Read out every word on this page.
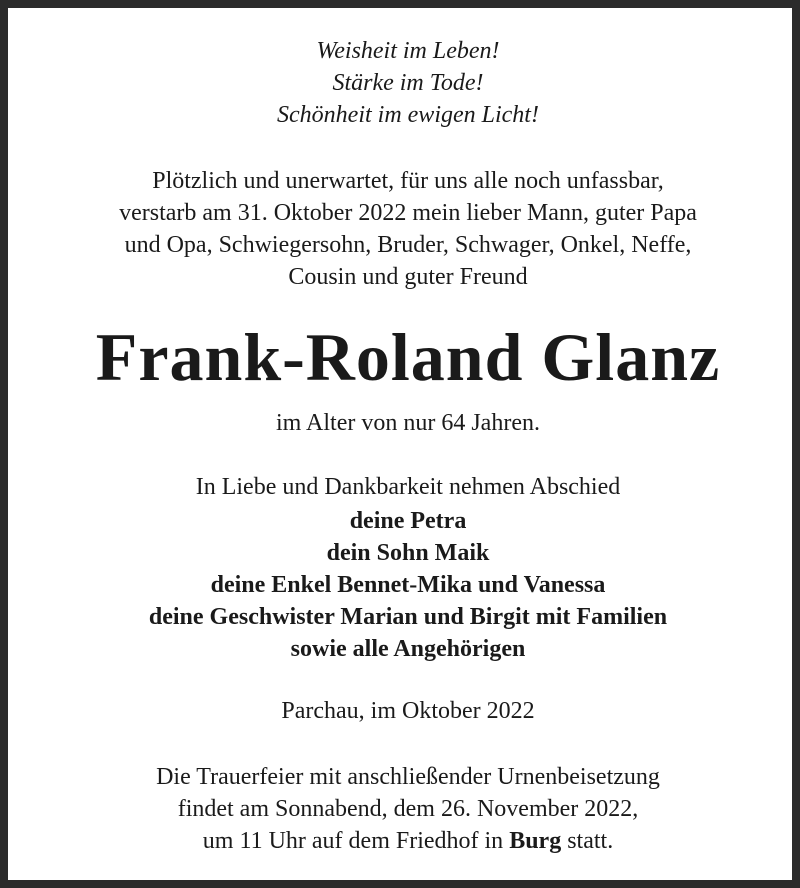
Weisheit im Leben!
Stärke im Tode!
Schönheit im ewigen Licht!
Plötzlich und unerwartet, für uns alle noch unfassbar,
verstarb am 31. Oktober 2022 mein lieber Mann, guter Papa
und Opa, Schwiegersohn, Bruder, Schwager, Onkel, Neffe,
Cousin und guter Freund
Frank-Roland Glanz
im Alter von nur 64 Jahren.
In Liebe und Dankbarkeit nehmen Abschied
deine Petra
dein Sohn Maik
deine Enkel Bennet-Mika und Vanessa
deine Geschwister Marian und Birgit mit Familien
sowie alle Angehörigen
Parchau, im Oktober 2022
Die Trauerfeier mit anschließender Urnenbeisetzung
findet am Sonnabend, dem 26. November 2022,
um 11 Uhr auf dem Friedhof in Burg statt.
